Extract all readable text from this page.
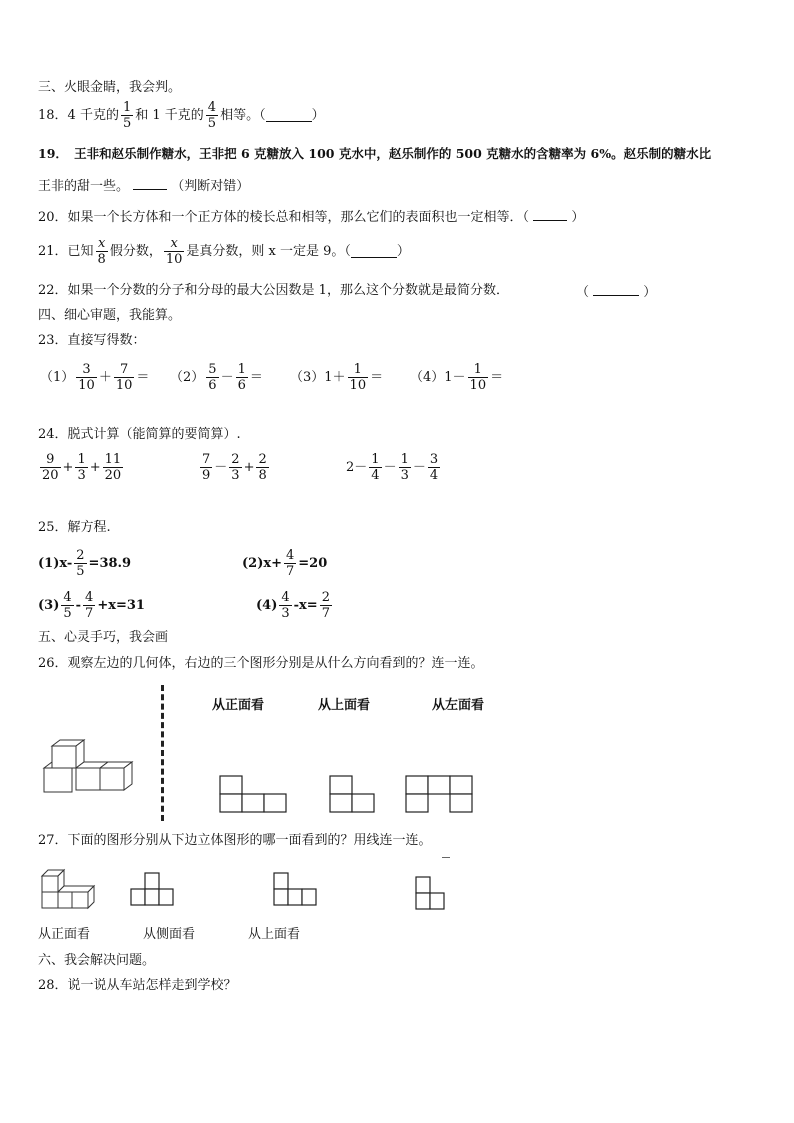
三、火眼金睛，我会判。
18． 4 千克的 $\frac{1}{5}$ 和 1 千克的 $\frac{4}{5}$ 相等。（	）
19．　王非和赵乐制作糖水，王非把 6 克糖放入 100 克水中，赵乐制作的 500 克糖水的含糖率为 6%。赵乐制的糖水比
王非的甜一些。	（判断对错）
20．如果一个长方体和一个正方体的棱长总和相等，那么它们的表面积也一定相等．（	）
21．已知 $\frac{x}{8}$ 假分数， $\frac{x}{10}$ 是真分数，则 x 一定是 9。（	）
22．如果一个分数的分子和分母的最大公因数是 1，那么这个分数就是最简分数．	（	）
四、细心审题，我能算。
23．直接写得数：
$(1) \frac{3}{10} + \frac{7}{10} = (2) \frac{5}{6} - \frac{1}{6} = (3)1+ \frac{1}{10} = (4)1- \frac{1}{10}$ ＝
24．脱式计算（能简算的要简算）.
$\frac{9}{20} + \frac{1}{3} + \frac{11}{20}$	$\frac{7}{9} - \frac{2}{3} + \frac{2}{8}$	$2- \frac{1}{4} - \frac{1}{3} - \frac{3}{4}$
25．解方程.
$(1)x- \frac{2}{5} =38.9$	$(2)x+ \frac{4}{7} =20$
$(3) \frac{4}{5} - \frac{4}{7} +x=31$	$(4) \frac{4}{3} -x= \frac{2}{7}$
五、心灵手巧，我会画
26．观察左边的几何体，右边的三个图形分别是从什么方向看到的？连一连。
从正面看	从上面看	从左面看
27．下面的图形分别从下边立体图形的哪一面看到的？用线连一连。
从正面看	从侧面看	从上面看
六、我会解决问题。
28．说一说从车站怎样走到学校？
